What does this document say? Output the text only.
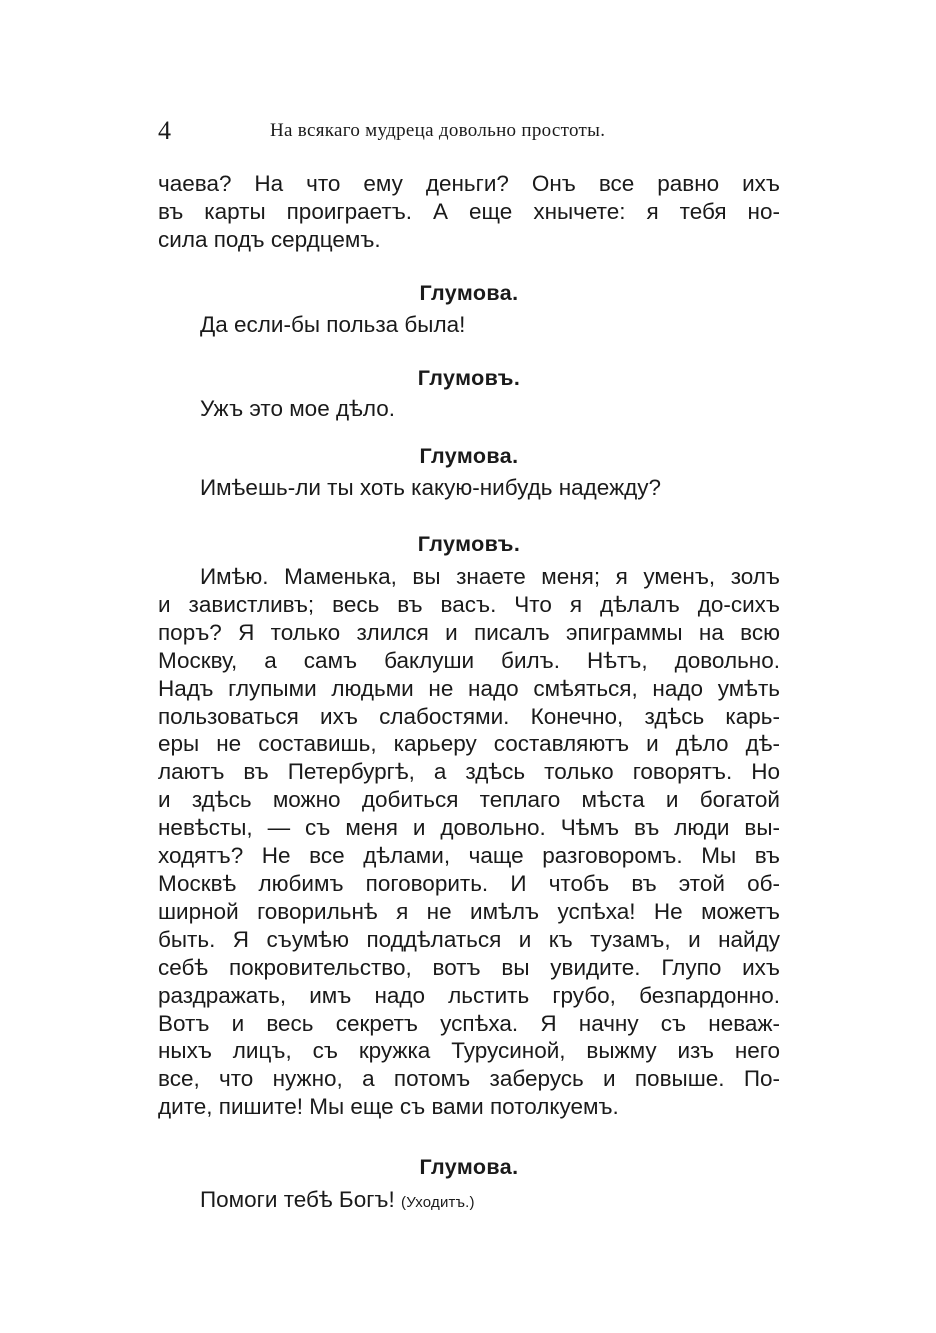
4	На всякаго мудреца довольно простоты.
чаева? На что ему деньги? Онъ все равно ихъ
въ карты проиграетъ. А еще хнычете: я тебя но-
сила подъ сердцемъ.
Глумова.
Да если-бы польза была!
Глумовъ.
Ужъ это мое дѣло.
Глумова.
Имѣешь-ли ты хоть какую-нибудь надежду?
Глумовъ.
Имѣю. Маменька, вы знаете меня; я уменъ, золъ
и завистливъ; весь въ васъ. Что я дѣлалъ до-сихъ
поръ? Я только злился и писалъ эпиграммы на всю
Москву, а самъ баклуши билъ. Нѣтъ, довольно.
Надъ глупыми людьми не надо смѣяться, надо умѣть
пользоваться ихъ слабостями. Конечно, здѣсь карь-
еры не составишь, карьеру составляютъ и дѣло дѣ-
лаютъ въ Петербургѣ, а здѣсь только говорятъ. Но
и здѣсь можно добиться теплаго мѣста и богатой
невѣсты, — съ меня и довольно. Чѣмъ въ люди вы-
ходятъ? Не все дѣлами, чаще разговоромъ. Мы въ
Москвѣ любимъ поговорить. И чтобъ въ этой об-
ширной говорильнѣ я не имѣлъ успѣха! Не можетъ
быть. Я съумѣю поддѣлаться и къ тузамъ, и найду
себѣ покровительство, вотъ вы увидите. Глупо ихъ
раздражать, имъ надо льстить грубо, безпардонно.
Вотъ и весь секретъ успѣха. Я начну съ неваж-
ныхъ лицъ, съ кружка Турусиной, выжму изъ него
все, что нужно, а потомъ заберусь и повыше. По-
дите, пишите! Мы еще съ вами потолкуемъ.
Глумова.
Помоги тебѣ Богъ! (Уходитъ.)
